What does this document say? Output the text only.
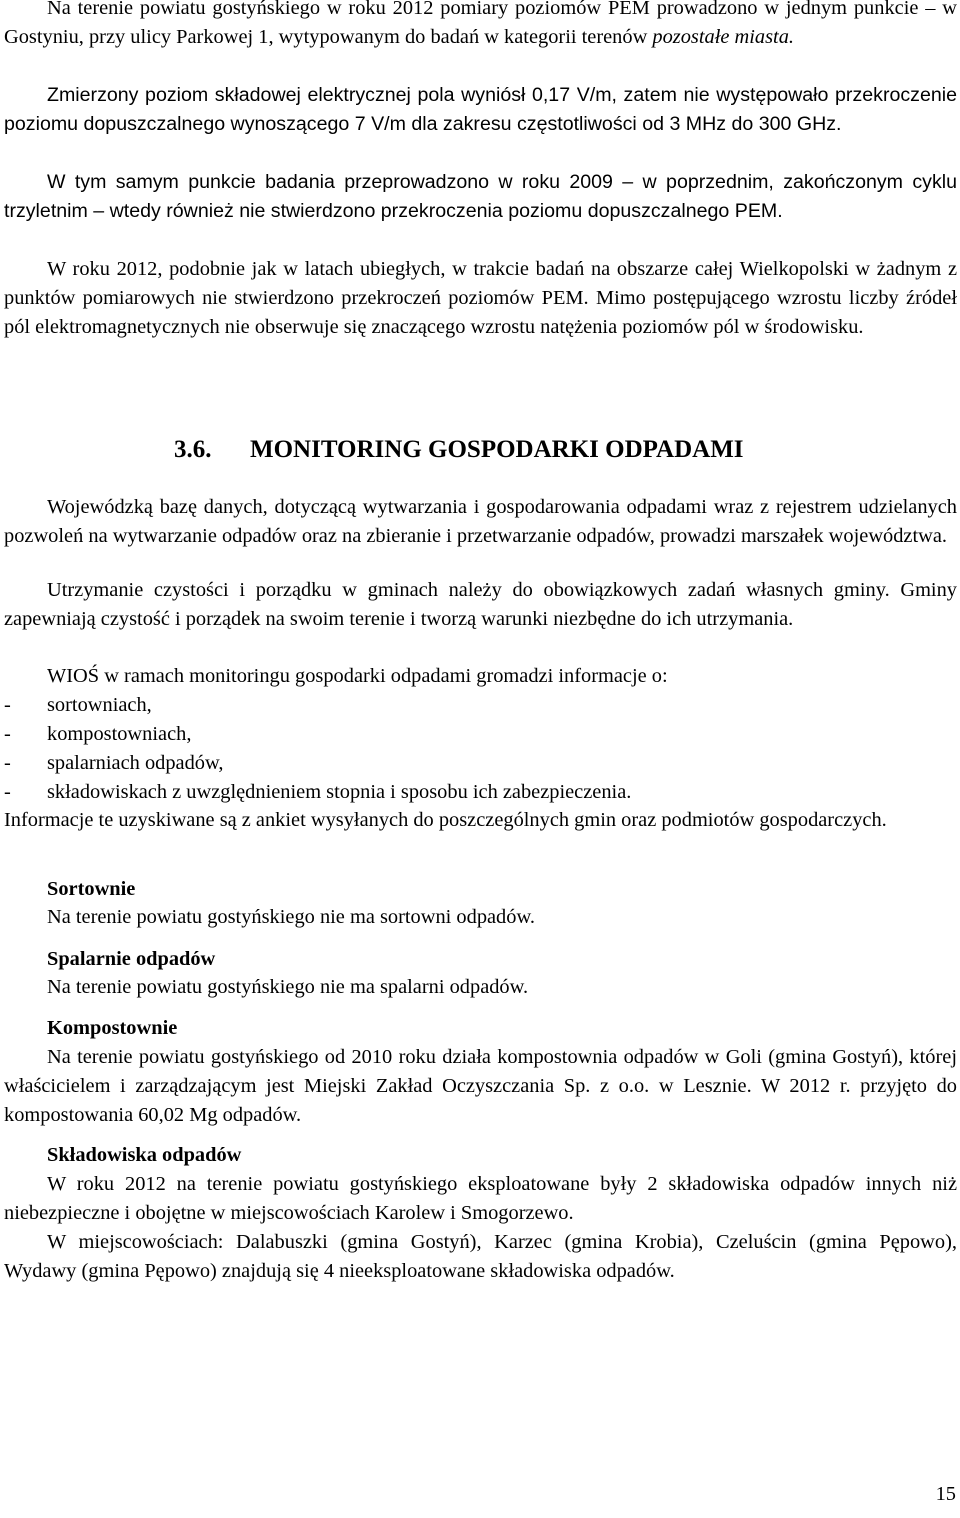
Na terenie powiatu gostyńskiego w roku 2012 pomiary poziomów PEM prowadzono w jednym punkcie – w Gostyniu, przy ulicy Parkowej 1, wytypowanym do badań w kategorii terenów pozostałe miasta.

Zmierzony poziom składowej elektrycznej pola wyniósł 0,17 V/m, zatem nie występowało przekroczenie poziomu dopuszczalnego wynoszącego 7 V/m dla zakresu częstotliwości od 3 MHz do 300 GHz.

W tym samym punkcie badania przeprowadzono w roku 2009 – w poprzednim, zakończonym cyklu trzyletnim – wtedy również nie stwierdzono przekroczenia poziomu dopuszczalnego PEM.

W roku 2012, podobnie jak w latach ubiegłych, w trakcie badań na obszarze całej Wielkopolski w żadnym z punktów pomiarowych nie stwierdzono przekroczeń poziomów PEM. Mimo postępującego wzrostu liczby źródeł pól elektromagnetycznych nie obserwuje się znaczącego wzrostu natężenia poziomów pól w środowisku.

3.6. MONITORING GOSPODARKI ODPADAMI

Wojewódzką bazę danych, dotyczącą wytwarzania i gospodarowania odpadami wraz z rejestrem udzielanych pozwoleń na wytwarzanie odpadów oraz na zbieranie i przetwarzanie odpadów, prowadzi marszałek województwa.

Utrzymanie czystości i porządku w gminach należy do obowiązkowych zadań własnych gminy. Gminy zapewniają czystość i porządek na swoim terenie i tworzą warunki niezbędne do ich utrzymania.

WIOŚ w ramach monitoringu gospodarki odpadami gromadzi informacje o:

- sortowniach,

- kompostowniach,

- spalarniach odpadów,

- składowiskach z uwzględnieniem stopnia i sposobu ich zabezpieczenia.

Informacje te uzyskiwane są z ankiet wysyłanych do poszczególnych gmin oraz podmiotów gospodarczych.

Sortownie

Na terenie powiatu gostyńskiego nie ma sortowni odpadów.

Spalarnie odpadów

Na terenie powiatu gostyńskiego nie ma spalarni odpadów.

Kompostownie

Na terenie powiatu gostyńskiego od 2010 roku działa kompostownia odpadów w Goli (gmina Gostyń), której właścicielem i zarządzającym jest Miejski Zakład Oczyszczania Sp. z o.o. w Lesznie. W 2012 r. przyjęto do kompostowania 60,02 Mg odpadów.

Składowiska odpadów

W roku 2012 na terenie powiatu gostyńskiego eksploatowane były 2 składowiska odpadów innych niż niebezpieczne i obojętne w miejscowościach Karolew i Smogorzewo.

W miejscowościach: Dalabuszki (gmina Gostyń), Karzec (gmina Krobia), Czeluścin (gmina Pępowo), Wydawy (gmina Pępowo) znajdują się 4 nieeksploatowane składowiska odpadów.

15
